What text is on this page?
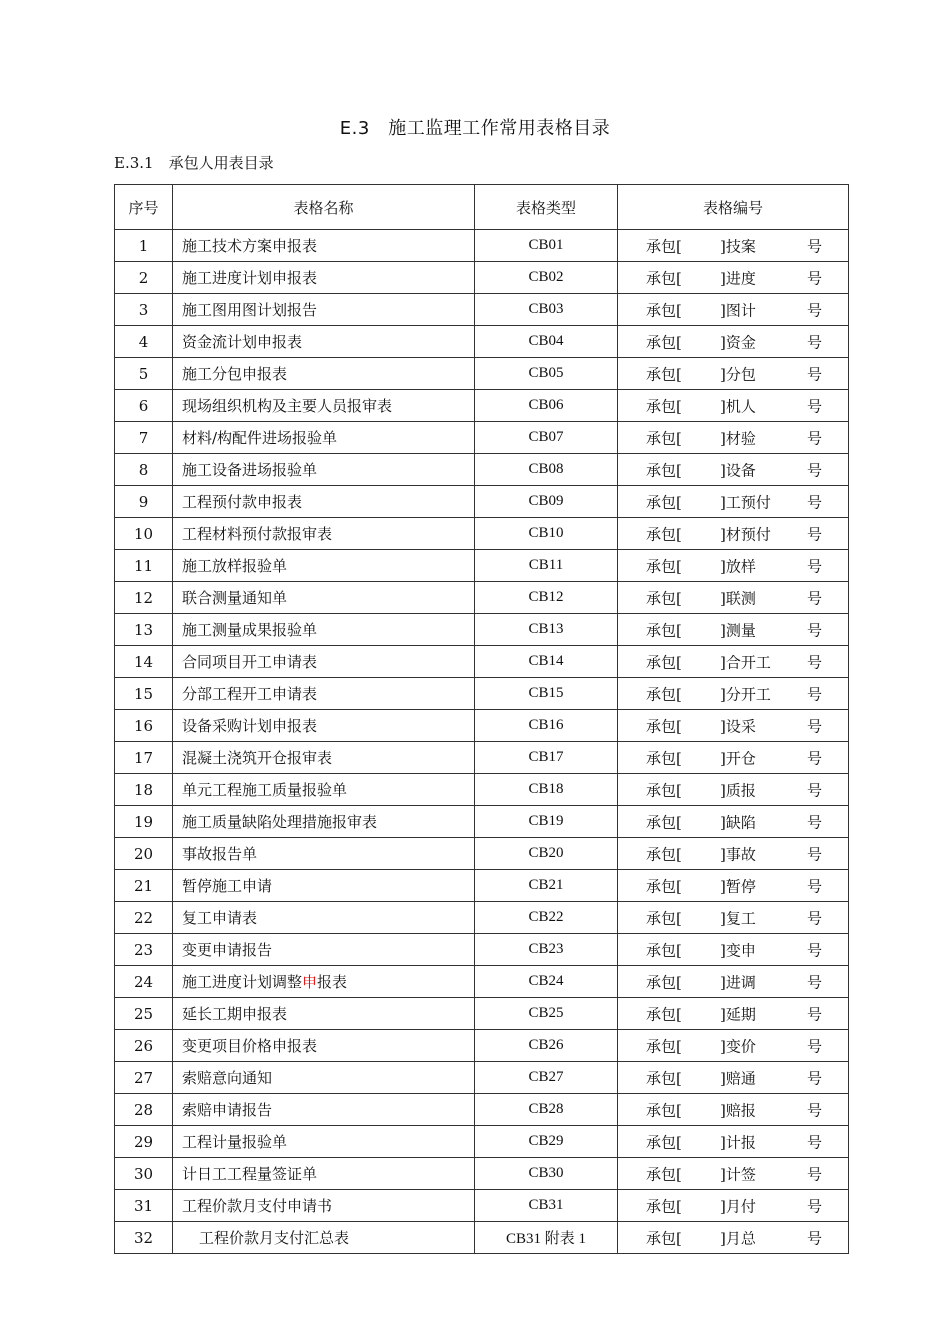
E.3　施工监理工作常用表格目录
E.3.1　承包人用表目录
序号	表格名称	表格类型	表格编号
1	施工技术方案申报表	CB01	承包[ ]技案 号

2	施工进度计划申报表	CB02	承包[ ]进度 号

3	施工图用图计划报告	CB03	承包[ ]图计 号

4	资金流计划申报表	CB04	承包[ ]资金 号

5	施工分包申报表	CB05	承包[ ]分包 号

6	现场组织机构及主要人员报审表	CB06	承包[ ]机人 号

7	材料/构配件进场报验单	CB07	承包[ ]材验 号

8	施工设备进场报验单	CB08	承包[ ]设备 号

9	工程预付款申报表	CB09	承包[ ]工预付 号

10	工程材料预付款报审表	CB10	承包[ ]材预付 号

11	施工放样报验单	CB11	承包[ ]放样 号

12	联合测量通知单	CB12	承包[ ]联测 号

13	施工测量成果报验单	CB13	承包[ ]测量 号

14	合同项目开工申请表	CB14	承包[ ]合开工 号

15	分部工程开工申请表	CB15	承包[ ]分开工 号

16	设备采购计划申报表	CB16	承包[ ]设采 号

17	混凝土浇筑开仓报审表	CB17	承包[ ]开仓 号

18	单元工程施工质量报验单	CB18	承包[ ]质报 号

19	施工质量缺陷处理措施报审表	CB19	承包[ ]缺陷 号

20	事故报告单	CB20	承包[ ]事故 号

21	暂停施工申请	CB21	承包[ ]暂停 号

22	复工申请表	CB22	承包[ ]复工 号

23	变更申请报告	CB23	承包[ ]变申 号

24	施工进度计划调整申报表	CB24	承包[ ]进调 号

25	延长工期申报表	CB25	承包[ ]延期 号

26	变更项目价格申报表	CB26	承包[ ]变价 号

27	索赔意向通知	CB27	承包[ ]赔通 号

28	索赔申请报告	CB28	承包[ ]赔报 号

29	工程计量报验单	CB29	承包[ ]计报 号

30	计日工工程量签证单	CB30	承包[ ]计签 号

31	工程价款月支付申请书	CB31	承包[ ]月付 号

32	工程价款月支付汇总表	CB31 附表 1	承包[ ]月总 号
